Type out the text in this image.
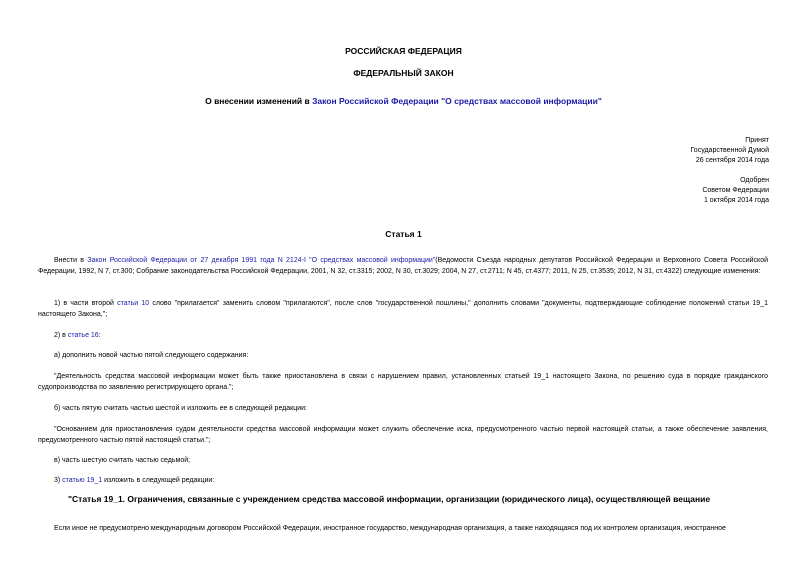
РОССИЙСКАЯ ФЕДЕРАЦИЯ
ФЕДЕРАЛЬНЫЙ ЗАКОН
О внесении изменений в Закон Российской Федерации "О средствах массовой информации"
Принят
Государственной Думой
26 сентября 2014 года
Одобрен
Советом Федерации
1 октября 2014 года
Статья 1
Внести в Закон Российской Федерации от 27 декабря 1991 года N 2124-I "О средствах массовой информации"(Ведомости Съезда народных депутатов Российской Федерации и Верховного Совета Российской Федерации, 1992, N 7, ст.300; Собрание законодательства Российской Федерации, 2001, N 32, ст.3315; 2002, N 30, ст.3029; 2004, N 27, ст.2711; N 45, ст.4377; 2011, N 25, ст.3535; 2012, N 31, ст.4322) следующие изменения:
1) в части второй статьи 10 слово "прилагается" заменить словом "прилагаются", после слов "государственной пошлины," дополнить словами "документы, подтверждающие соблюдение положений статьи 19_1 настоящего Закона,";
2) в статье 16:
а) дополнить новой частью пятой следующего содержания:
"Деятельность средства массовой информации может быть также приостановлена в связи с нарушением правил, установленных статьей 19_1 настоящего Закона, по решению суда в порядке гражданского судопроизводства по заявлению регистрирующего органа.";
б) часть пятую считать частью шестой и изложить ее в следующей редакции:
"Основанием для приостановления судом деятельности средства массовой информации может служить обеспечение иска, предусмотренного частью первой настоящей статьи, а также обеспечение заявления, предусмотренного частью пятой настоящей статьи.";
в) часть шестую считать частью седьмой;
3) статью 19_1 изложить в следующей редакции:
"Статья 19_1. Ограничения, связанные с учреждением средства массовой информации, организации (юридического лица), осуществляющей вещание
Если иное не предусмотрено международным договором Российской Федерации, иностранное государство, международная организация, а также находящаяся под их контролем организация, иностранное
